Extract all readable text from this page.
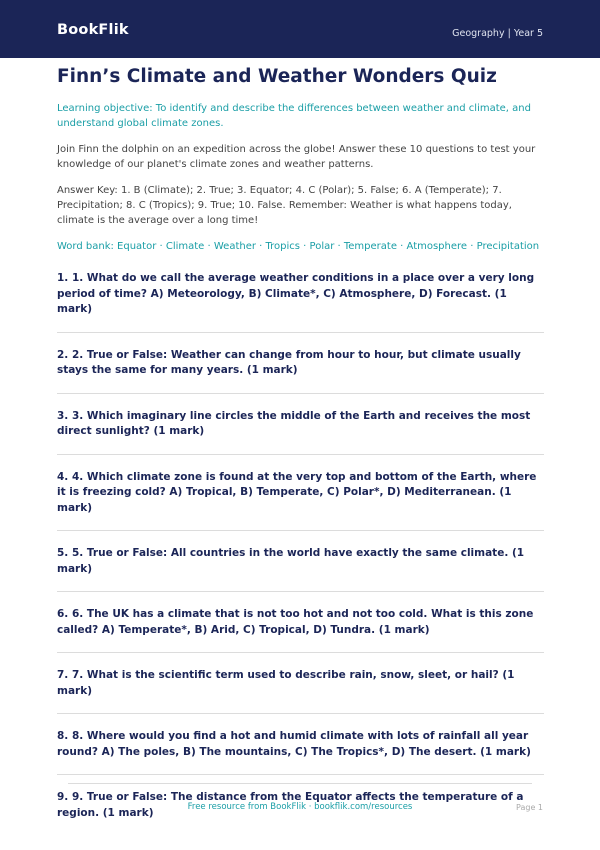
BookFlik	Geography | Year 5
Finn’s Climate and Weather Wonders Quiz

Learning objective: To identify and describe the differences between weather and climate, and understand global climate zones.

Join Finn the dolphin on an expedition across the globe! Answer these 10 questions to test your knowledge of our planet's climate zones and weather patterns.

Answer Key: 1. B (Climate); 2. True; 3. Equator; 4. C (Polar); 5. False; 6. A (Temperate); 7. Precipitation; 8. C (Tropics); 9. True; 10. False. Remember: Weather is what happens today, climate is the average over a long time!

Word bank: Equator · Climate · Weather · Tropics · Polar · Temperate · Atmosphere · Precipitation

1. 1. What do we call the average weather conditions in a place over a very long period of time? A) Meteorology, B) Climate*, C) Atmosphere, D) Forecast. (1 mark)
2. 2. True or False: Weather can change from hour to hour, but climate usually stays the same for many years. (1 mark)
3. 3. Which imaginary line circles the middle of the Earth and receives the most direct sunlight? (1 mark)
4. 4. Which climate zone is found at the very top and bottom of the Earth, where it is freezing cold? A) Tropical, B) Temperate, C) Polar*, D) Mediterranean. (1 mark)
5. 5. True or False: All countries in the world have exactly the same climate. (1 mark)
6. 6. The UK has a climate that is not too hot and not too cold. What is this zone called? A) Temperate*, B) Arid, C) Tropical, D) Tundra. (1 mark)
7. 7. What is the scientific term used to describe rain, snow, sleet, or hail? (1 mark)
8. 8. Where would you find a hot and humid climate with lots of rainfall all year round? A) The poles, B) The mountains, C) The Tropics*, D) The desert. (1 mark)
9. 9. True or False: The distance from the Equator affects the temperature of a region. (1 mark)	Free resource from BookFlik · bookflik.com/resources	Page 1
